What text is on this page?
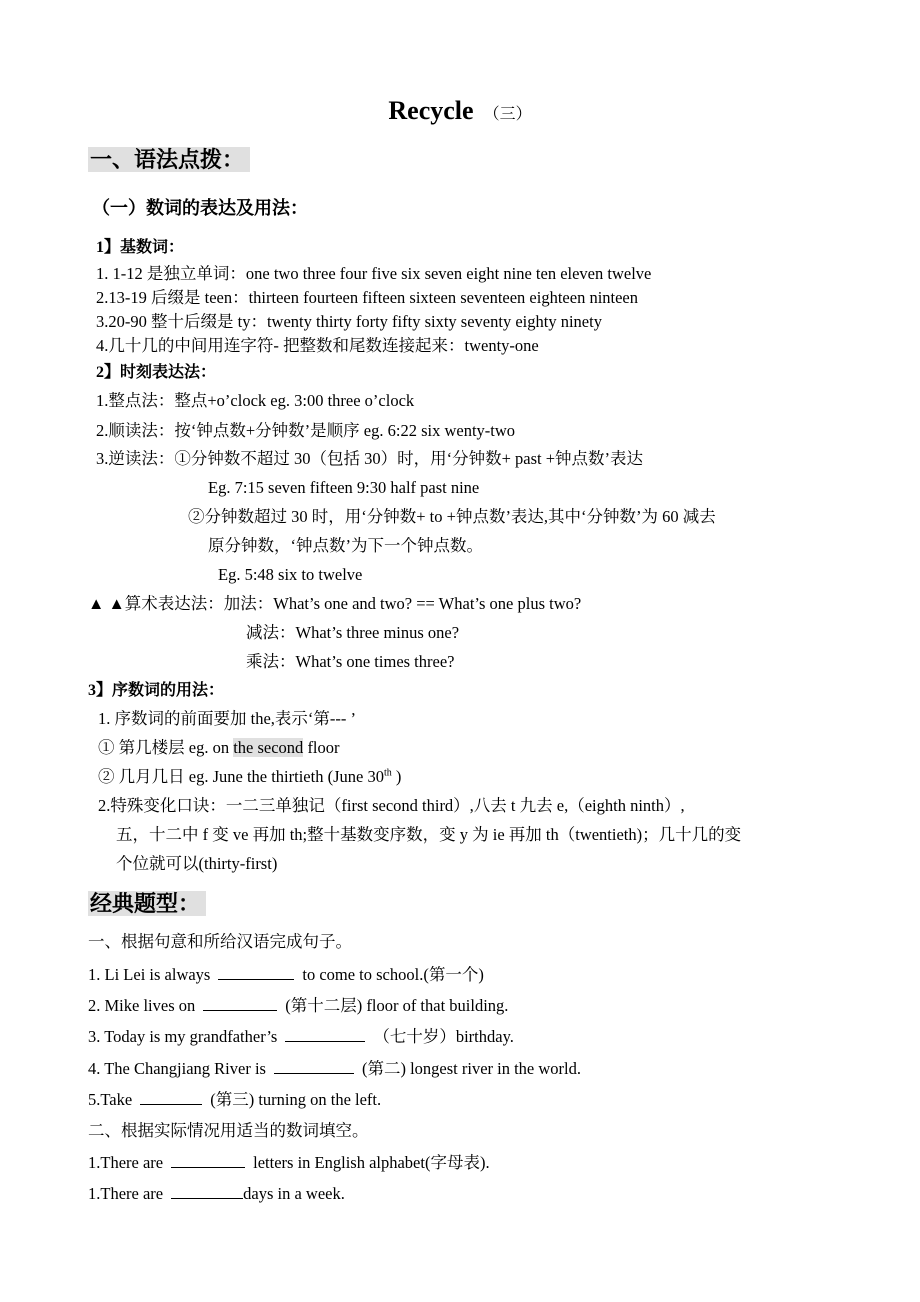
Recycle （三）
一、语法点拨：
（一）数词的表达及用法：
1】基数词：
1. 1-12 是独立单词：one two three four five six seven eight nine ten eleven twelve
2.13-19 后缀是 teen：thirteen fourteen fifteen sixteen seventeen eighteen ninteen
3.20-90 整十后缀是 ty：twenty thirty forty fifty sixty seventy eighty ninety
4.几十几的中间用连字符- 把整数和尾数连接起来：twenty-one
2】时刻表达法：
1.整点法：整点+o’clock eg. 3:00 three o’clock
2.顺读法：按‘钟点数+分钟数’是顺序 eg. 6:22 six wenty-two
3.逆读法：①分钟数不超过 30（包括 30）时，用‘分钟数+ past +钟点数’表达
Eg. 7:15 seven fifteen 9:30 half past nine
②分钟数超过 30 时，用‘分钟数+ to +钟点数’表达,其中‘分钟数’为 60 减去
原分钟数，‘钟点数’为下一个钟点数。
Eg. 5:48 six to twelve
▲ ▲算术表达法：加法：What’s one and two? == What’s one plus two?
减法：What’s three minus one?
乘法：What’s one times three?
3】序数词的用法：
1. 序数词的前面要加 the,表示‘第--- ’
① 第几楼层 eg. on the second floor
② 几月几日 eg. June the thirtieth (June 30th )
2.特殊变化口诀：一二三单独记（first second third）,八去 t 九去 e,（eighth ninth）,
五，十二中 f 变 ve 再加 th;整十基数变序数，变 y 为 ie 再加 th（twentieth)；几十几的变
个位就可以(thirty-first)
经典题型：
一、根据句意和所给汉语完成句子。
1. Li Lei is always	to come to school.(第一个)
2. Mike lives on	(第十二层) floor of that building.
3. Today is my grandfather’s	（七十岁）birthday.
4. The Changjiang River is	(第二) longest river in the world.
5.Take	(第三) turning on the left.
二、根据实际情况用适当的数词填空。
1.There are	letters in English alphabet(字母表).
1.There are	days in a week.
